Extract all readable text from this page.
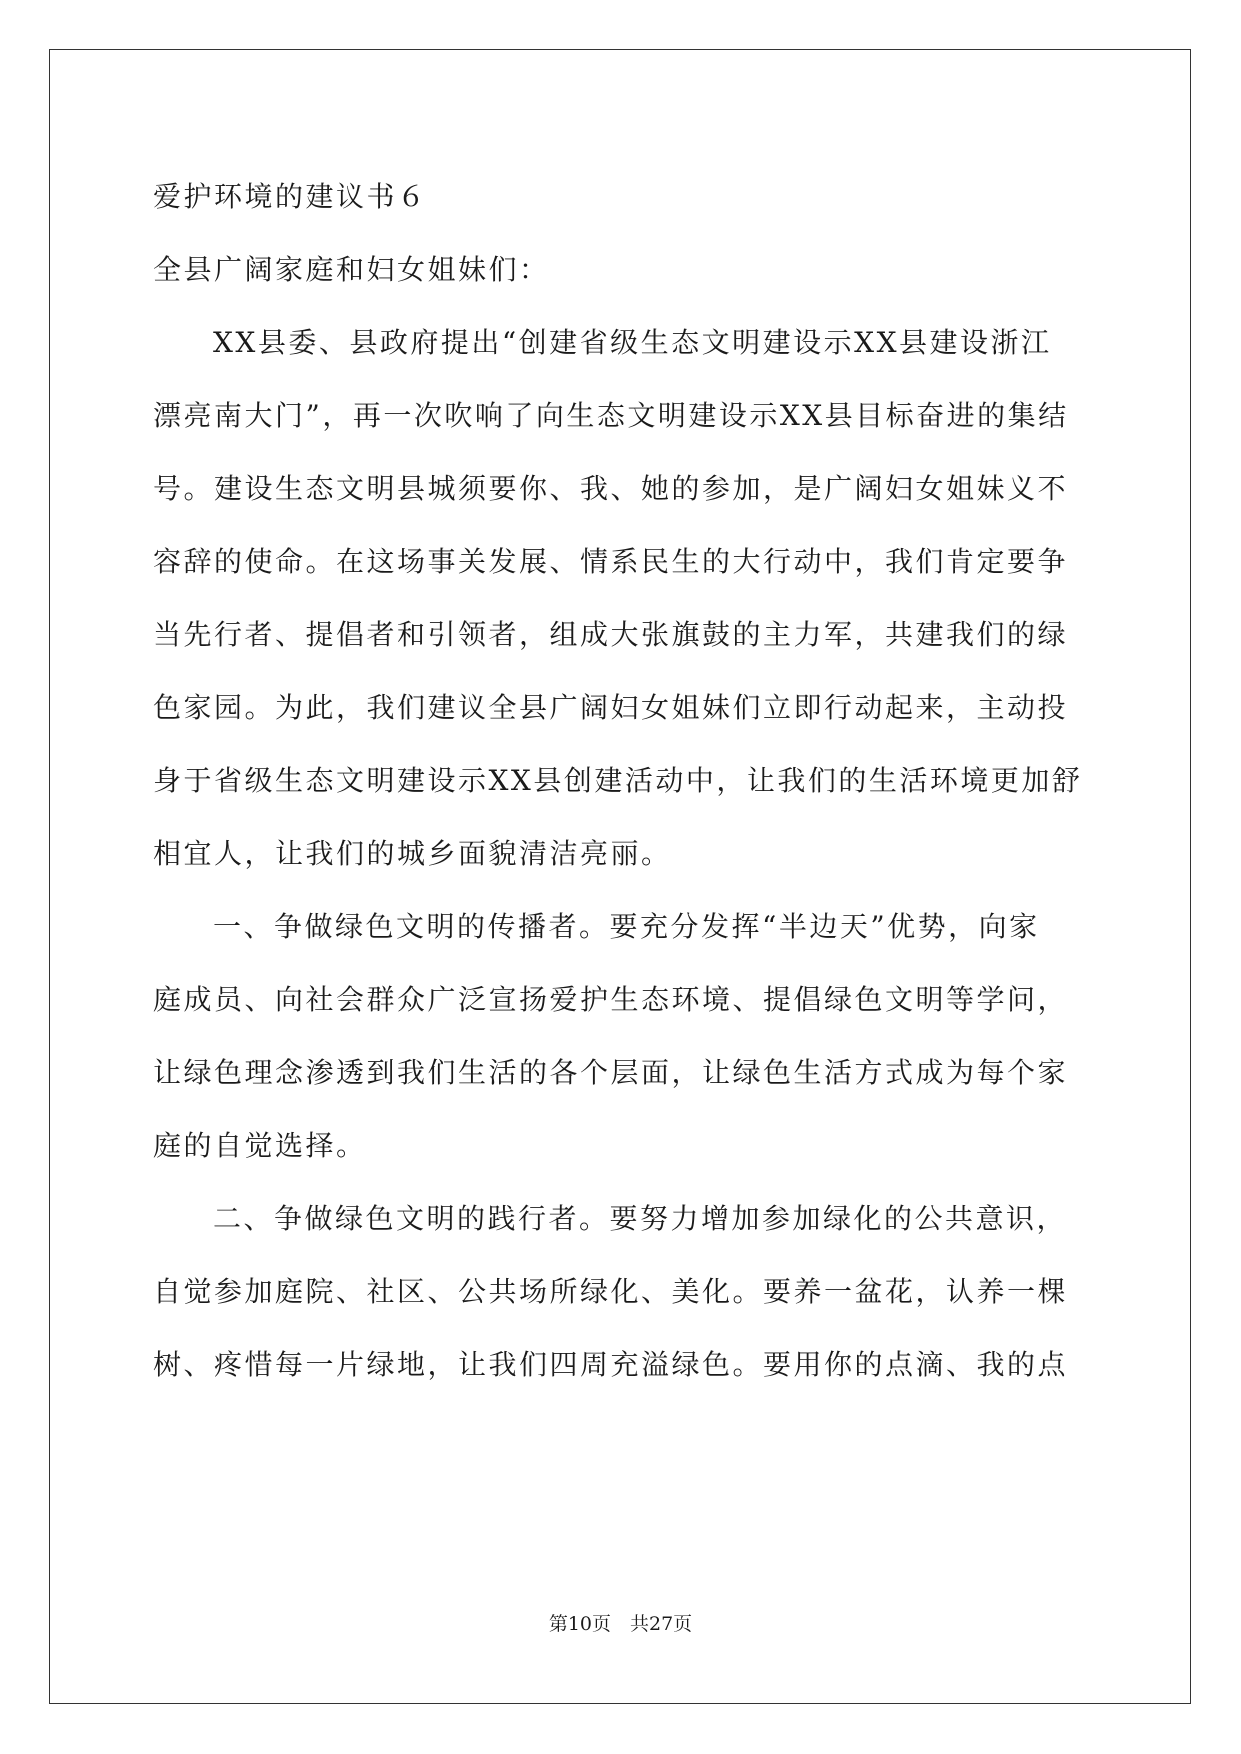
爱护环境的建议书６
全县广阔家庭和妇女姐妹们：
XX县委、县政府提出“创建省级生态文明建设示XX县建设浙江
漂亮南大门”，再一次吹响了向生态文明建设示XX县目标奋进的集结
号。建设生态文明县城须要你、我、她的参加，是广阔妇女姐妹义不
容辞的使命。在这场事关发展、情系民生的大行动中，我们肯定要争
当先行者、提倡者和引领者，组成大张旗鼓的主力军，共建我们的绿
色家园。为此，我们建议全县广阔妇女姐妹们立即行动起来，主动投
身于省级生态文明建设示XX县创建活动中，让我们的生活环境更加舒
相宜人，让我们的城乡面貌清洁亮丽。
一、争做绿色文明的传播者。要充分发挥“半边天”优势，向家
庭成员、向社会群众广泛宣扬爱护生态环境、提倡绿色文明等学问，
让绿色理念渗透到我们生活的各个层面，让绿色生活方式成为每个家
庭的自觉选择。
二、争做绿色文明的践行者。要努力增加参加绿化的公共意识，
自觉参加庭院、社区、公共场所绿化、美化。要养一盆花，认养一棵
树、疼惜每一片绿地，让我们四周充溢绿色。要用你的点滴、我的点
第10页　共27页
